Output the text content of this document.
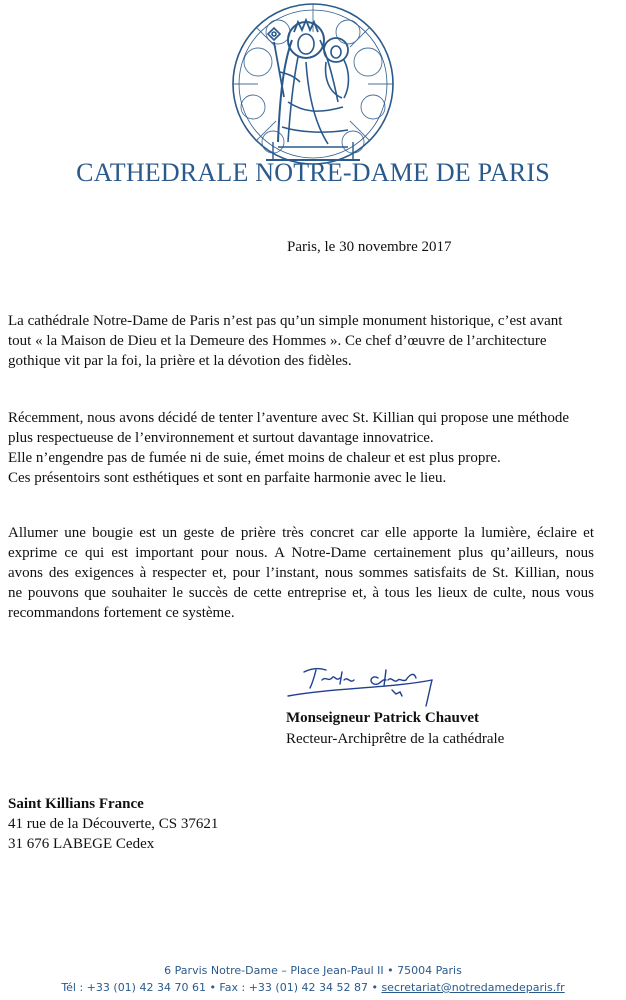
CATHEDRALE NOTRE-DAME DE PARIS
Paris, le 30 novembre 2017

La cathédrale Notre-Dame de Paris n’est pas qu’un simple monument historique, c’est avant
tout « la Maison de Dieu et la Demeure des Hommes ». Ce chef d’œuvre de l’architecture
gothique vit par la foi, la prière et la dévotion des fidèles.

Récemment, nous avons décidé de tenter l’aventure avec St. Killian qui propose une méthode
plus respectueuse de l’environnement et surtout davantage innovatrice.
Elle n’engendre pas de fumée ni de suie, émet moins de chaleur et est plus propre.
Ces présentoirs sont esthétiques et sont en parfaite harmonie avec le lieu.

Allumer une bougie est un geste de prière très concret car elle apporte la lumière, éclaire et
exprime ce qui est important pour nous. A Notre-Dame certainement plus qu’ailleurs, nous
avons des exigences à respecter et, pour l’instant, nous sommes satisfaits de St. Killian, nous
ne pouvons que souhaiter le succès de cette entreprise et, à tous les lieux de culte, nous vous
recommandons fortement ce système.

Monseigneur Patrick Chauvet
Recteur-Archiprêtre de la cathédrale
Saint Killians France
41 rue de la Découverte, CS 37621
31 676 LABEGE Cedex
6 Parvis Notre-Dame – Place Jean-Paul II • 75004 Paris
Tél : +33 (01) 42 34 70 61 • Fax : +33 (01) 42 34 52 87 • secretariat@notredamedeparis.fr
